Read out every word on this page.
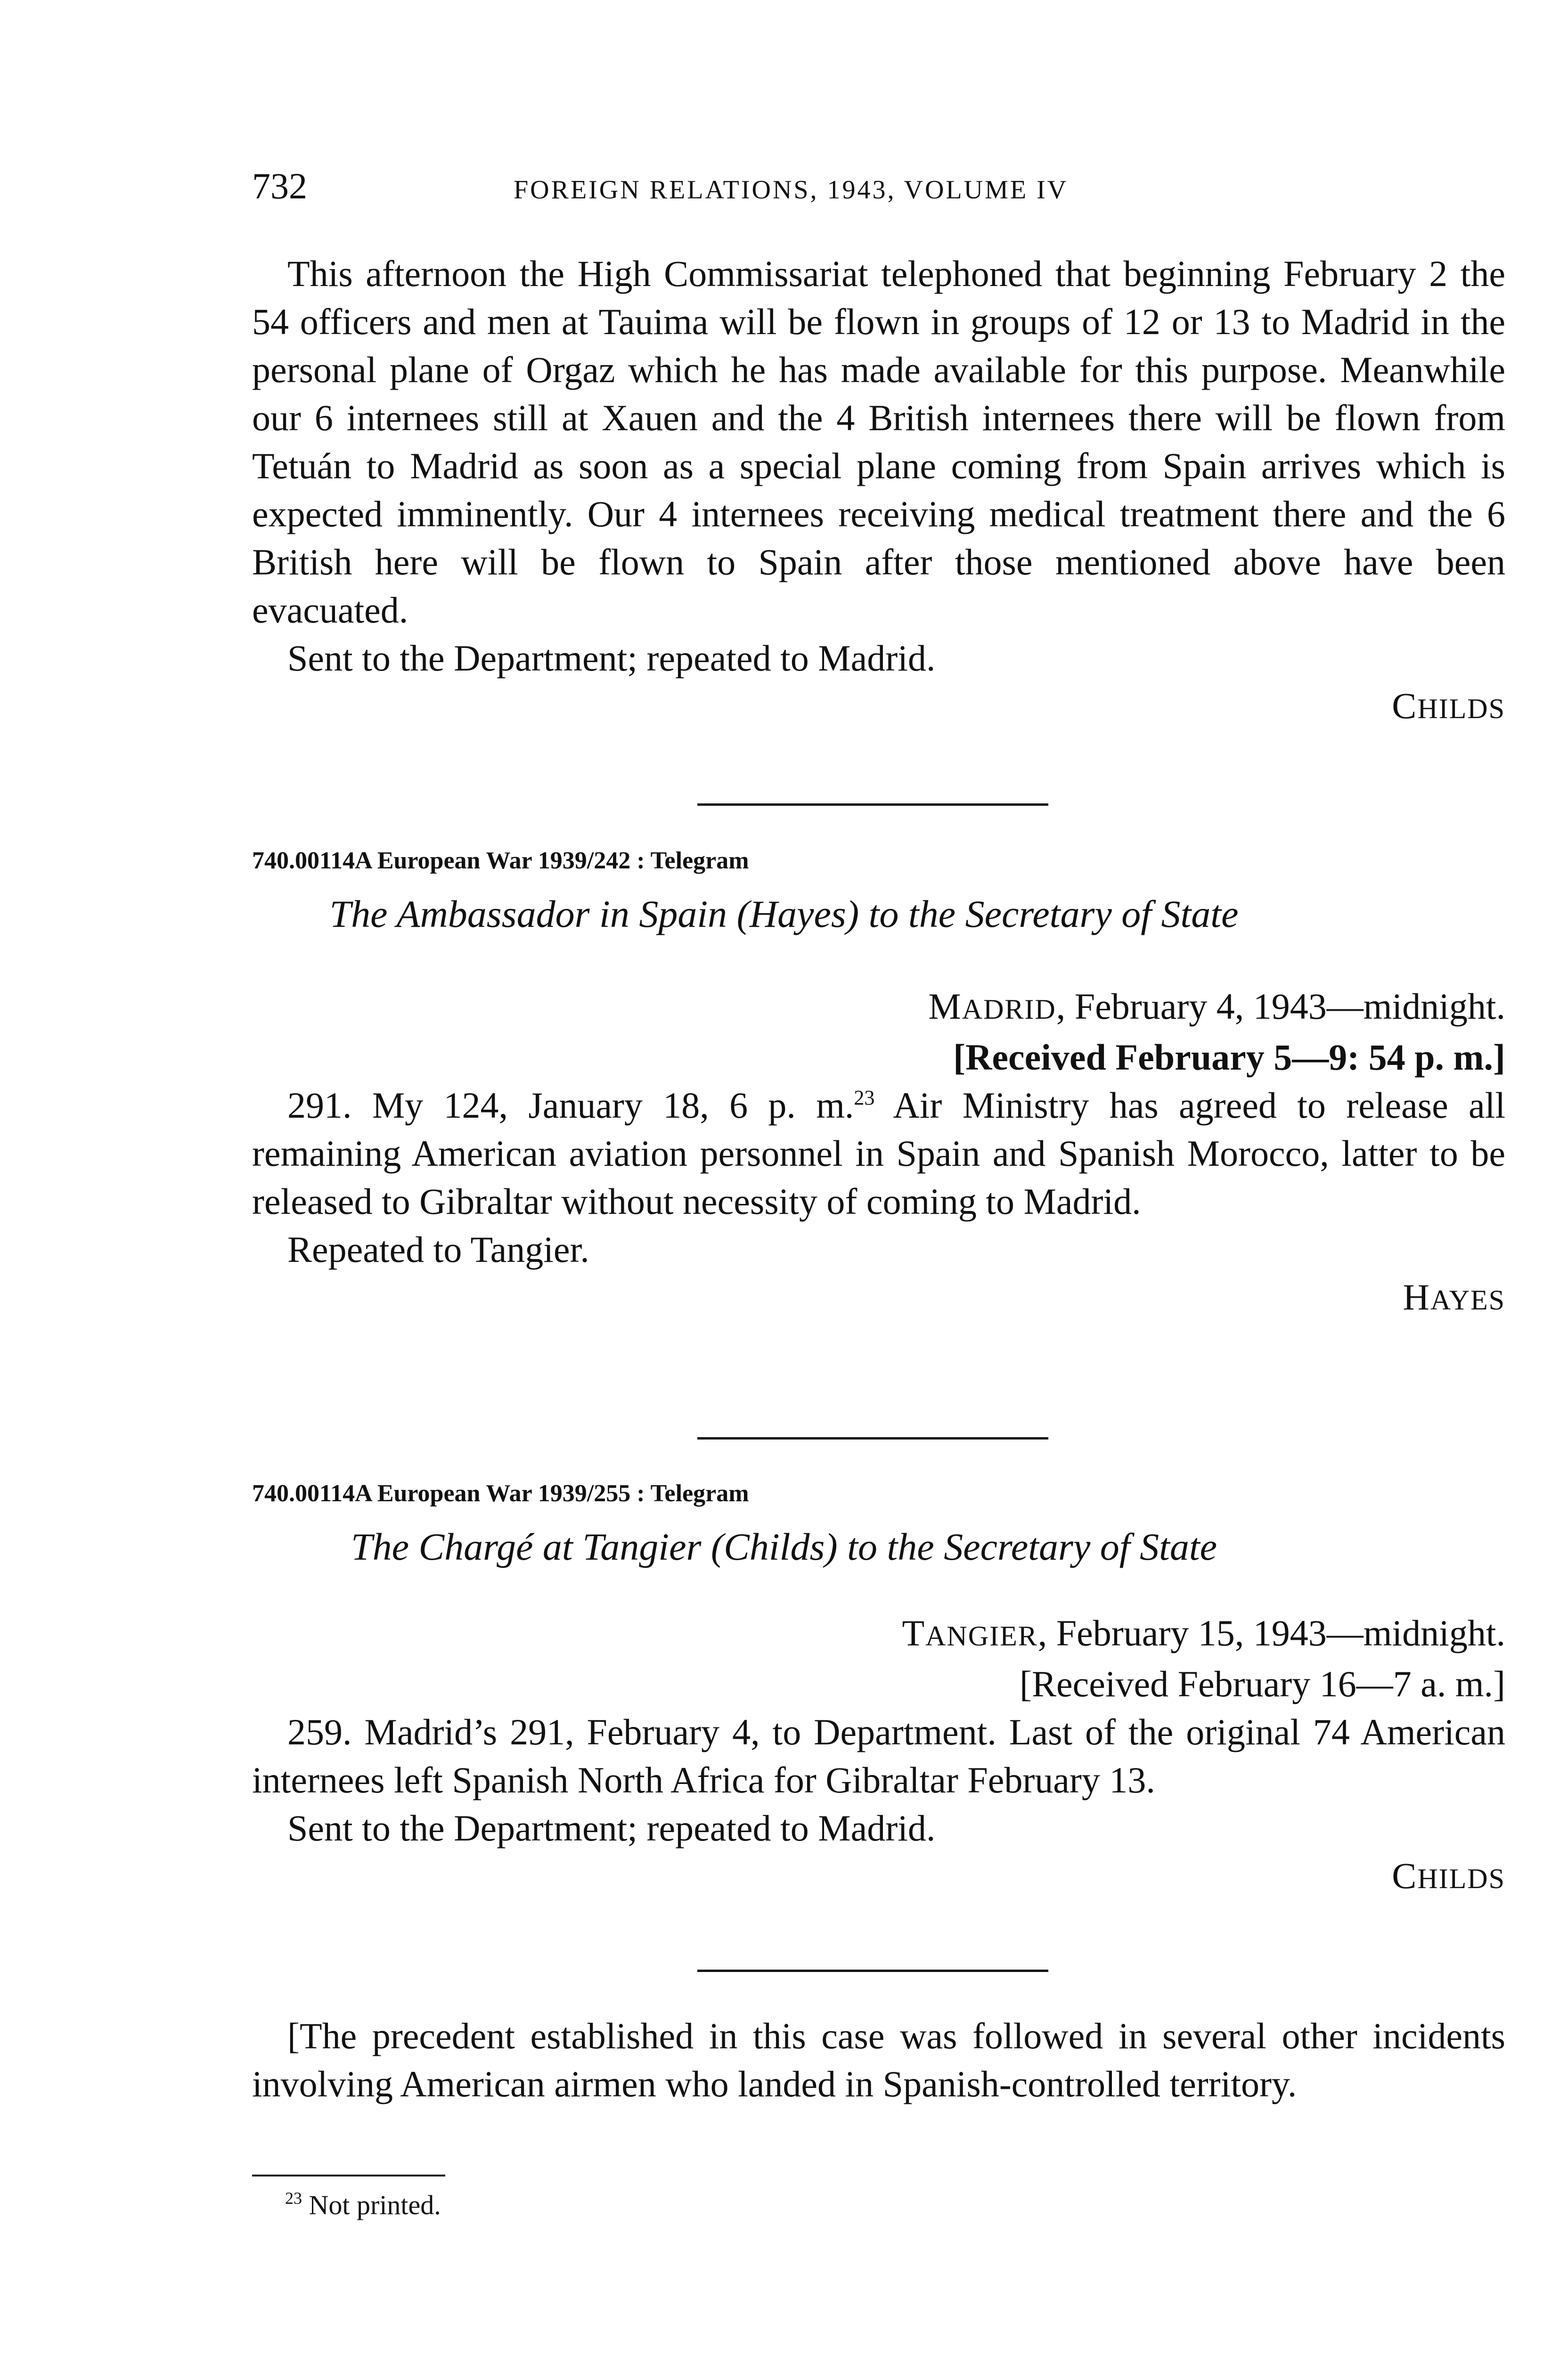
732	FOREIGN RELATIONS, 1943, VOLUME IV

This afternoon the High Commissariat telephoned that beginning February 2 the 54 officers and men at Tauima will be flown in groups of 12 or 13 to Madrid in the personal plane of Orgaz which he has made available for this purpose. Meanwhile our 6 internees still at Xauen and the 4 British internees there will be flown from Tetuán to Madrid as soon as a special plane coming from Spain arrives which is expected imminently. Our 4 internees receiving medical treatment there and the 6 British here will be flown to Spain after those mentioned above have been evacuated.

Sent to the Department; repeated to Madrid.

CHILDS

740.00114A European War 1939/242 : Telegram
The Ambassador in Spain (Hayes) to the Secretary of State

MADRID, February 4, 1943—midnight.

[Received February 5—9: 54 p. m.]

291. My 124, January 18, 6 p. m.$^{23}$ Air Ministry has agreed to release all remaining American aviation personnel in Spain and Spanish Morocco, latter to be released to Gibraltar without necessity of coming to Madrid.

Repeated to Tangier.

HAYES

740.00114A European War 1939/255 : Telegram
The Chargé at Tangier (Childs) to the Secretary of State

TANGIER, February 15, 1943—midnight.

[Received February 16—7 a. m.]

259. Madrid’s 291, February 4, to Department. Last of the original 74 American internees left Spanish North Africa for Gibraltar February 13.

Sent to the Department; repeated to Madrid.

CHILDS

[The precedent established in this case was followed in several other incidents involving American airmen who landed in Spanish-controlled territory.

$^{23}$ Not printed.
